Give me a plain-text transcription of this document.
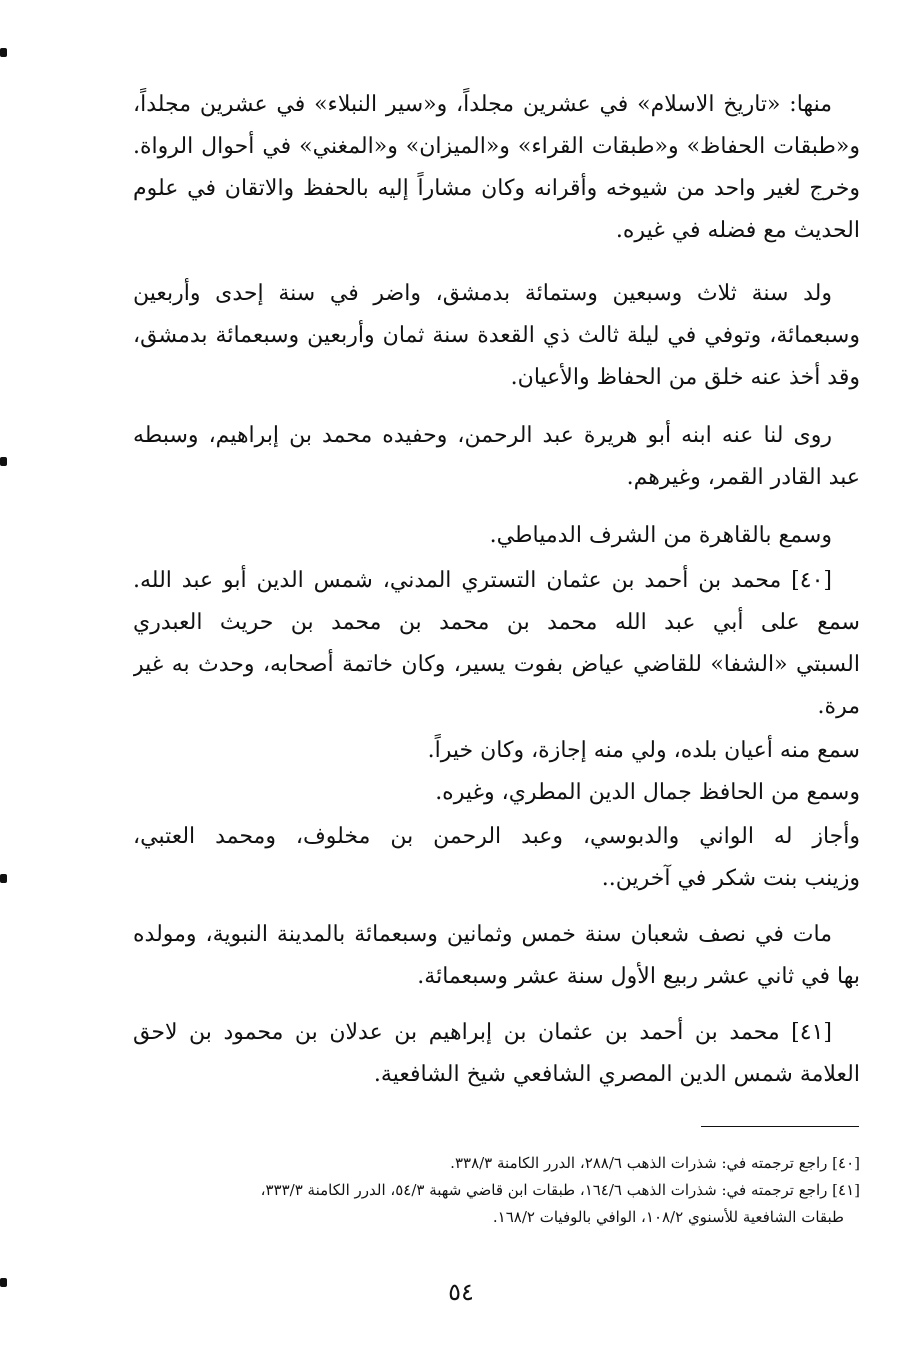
منها: «تاريخ الاسلام» في عشرين مجلداً، و«سير النبلاء» في عشرين مجلداً،
و«طبقات الحفاظ» و«طبقات القراء» و«الميزان» و«المغني» في أحوال الرواة.
وخرج لغير واحد من شيوخه وأقرانه وكان مشاراً إليه بالحفظ والاتقان في علوم
الحديث مع فضله في غيره.
ولد سنة ثلاث وسبعين وستمائة بدمشق، واضر في سنة إحدى وأربعين
وسبعمائة، وتوفي في ليلة ثالث ذي القعدة سنة ثمان وأربعين وسبعمائة بدمشق،
وقد أخذ عنه خلق من الحفاظ والأعيان.
روى لنا عنه ابنه أبو هريرة عبد الرحمن، وحفيده محمد بن إبراهيم، وسبطه
عبد القادر القمر، وغيرهم.
وسمع بالقاهرة من الشرف الدمياطي.
[٤٠] محمد بن أحمد بن عثمان التستري المدني، شمس الدين أبو عبد الله.
سمع على أبي عبد الله محمد بن محمد بن محمد بن حريث العبدري
السبتي «الشفا» للقاضي عياض بفوت يسير، وكان خاتمة أصحابه، وحدث به غير
مرة.
سمع منه أعيان بلده، ولي منه إجازة، وكان خيراً.
وسمع من الحافظ جمال الدين المطري، وغيره.
وأجاز له الواني والدبوسي، وعبد الرحمن بن مخلوف، ومحمد العتبي،
وزينب بنت شكر في آخرين..
مات في نصف شعبان سنة خمس وثمانين وسبعمائة بالمدينة النبوية، ومولده
بها في ثاني عشر ربيع الأول سنة عشر وسبعمائة.
[٤١] محمد بن أحمد بن عثمان بن إبراهيم بن عدلان بن محمود بن لاحق
العلامة شمس الدين المصري الشافعي شيخ الشافعية.
[٤٠] راجع ترجمته في: شذرات الذهب ٢٨٨/٦، الدرر الكامنة ٣٣٨/٣.
[٤١] راجع ترجمته في: شذرات الذهب ١٦٤/٦، طبقات ابن قاضي شهبة ٥٤/٣، الدرر الكامنة ٣٣٣/٣،
طبقات الشافعية للأسنوي ١٠٨/٢، الوافي بالوفيات ١٦٨/٢.
٥٤
